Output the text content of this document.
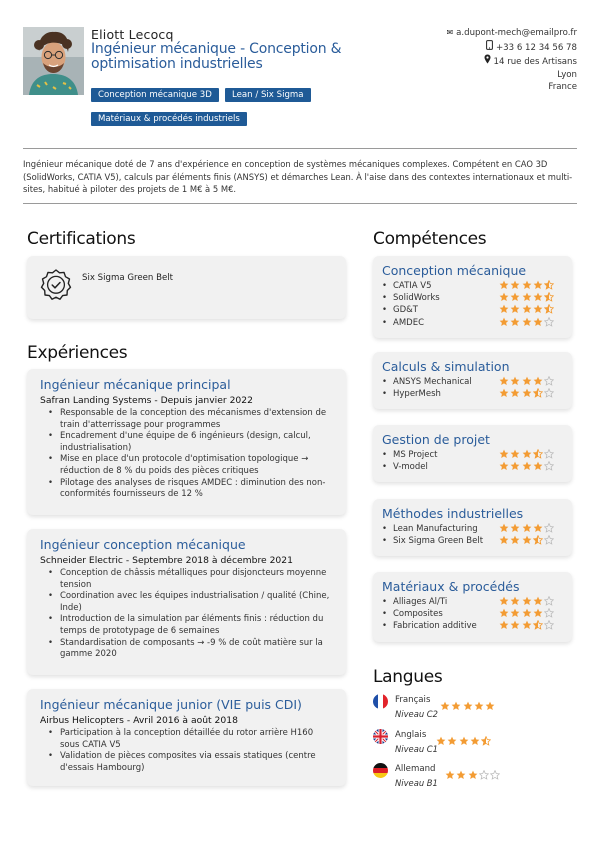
Eliott Lecocq
Ingénieur mécanique - Conception & optimisation industrielles
Conception mécanique 3D Lean / Six Sigma Matériaux & procédés industriels
✉ a.dupont-mech@emailpro.fr
+33 6 12 34 56 78
14 rue des Artisans
Lyon
France
Ingénieur mécanique doté de 7 ans d'expérience en conception de systèmes mécaniques complexes. Compétent en CAO 3D (SolidWorks, CATIA V5), calculs par éléments finis (ANSYS) et démarches Lean. À l'aise dans des contextes internationaux et multi-sites, habitué à piloter des projets de 1 M€ à 5 M€.
Certifications
Six Sigma Green Belt
Expériences
Ingénieur mécanique principal
Safran Landing Systems - Depuis janvier 2022
• Responsable de la conception des mécanismes d'extension de train d'atterrissage pour programmes
• Encadrement d'une équipe de 6 ingénieurs (design, calcul, industrialisation)
• Mise en place d'un protocole d'optimisation topologique → réduction de 8 % du poids des pièces critiques
• Pilotage des analyses de risques AMDEC : diminution des non-conformités fournisseurs de 12 %
Ingénieur conception mécanique
Schneider Electric - Septembre 2018 à décembre 2021
• Conception de châssis métalliques pour disjoncteurs moyenne tension
• Coordination avec les équipes industrialisation / qualité (Chine, Inde)
• Introduction de la simulation par éléments finis : réduction du temps de prototypage de 6 semaines
• Standardisation de composants → -9 % de coût matière sur la gamme 2020
Ingénieur mécanique junior (VIE puis CDI)
Airbus Helicopters - Avril 2016 à août 2018
• Participation à la conception détaillée du rotor arrière H160 sous CATIA V5
• Validation de pièces composites via essais statiques (centre d'essais Hambourg)
Compétences
Conception mécanique
• CATIA V5
• SolidWorks
• GD&T
• AMDEC
Calculs & simulation
• ANSYS Mechanical
• HyperMesh
Gestion de projet
• MS Project
• V-model
Méthodes industrielles
• Lean Manufacturing
• Six Sigma Green Belt
Matériaux & procédés
• Alliages Al/Ti
• Composites
• Fabrication additive
Langues
Français
Niveau C2
Anglais
Niveau C1
Allemand
Niveau B1
